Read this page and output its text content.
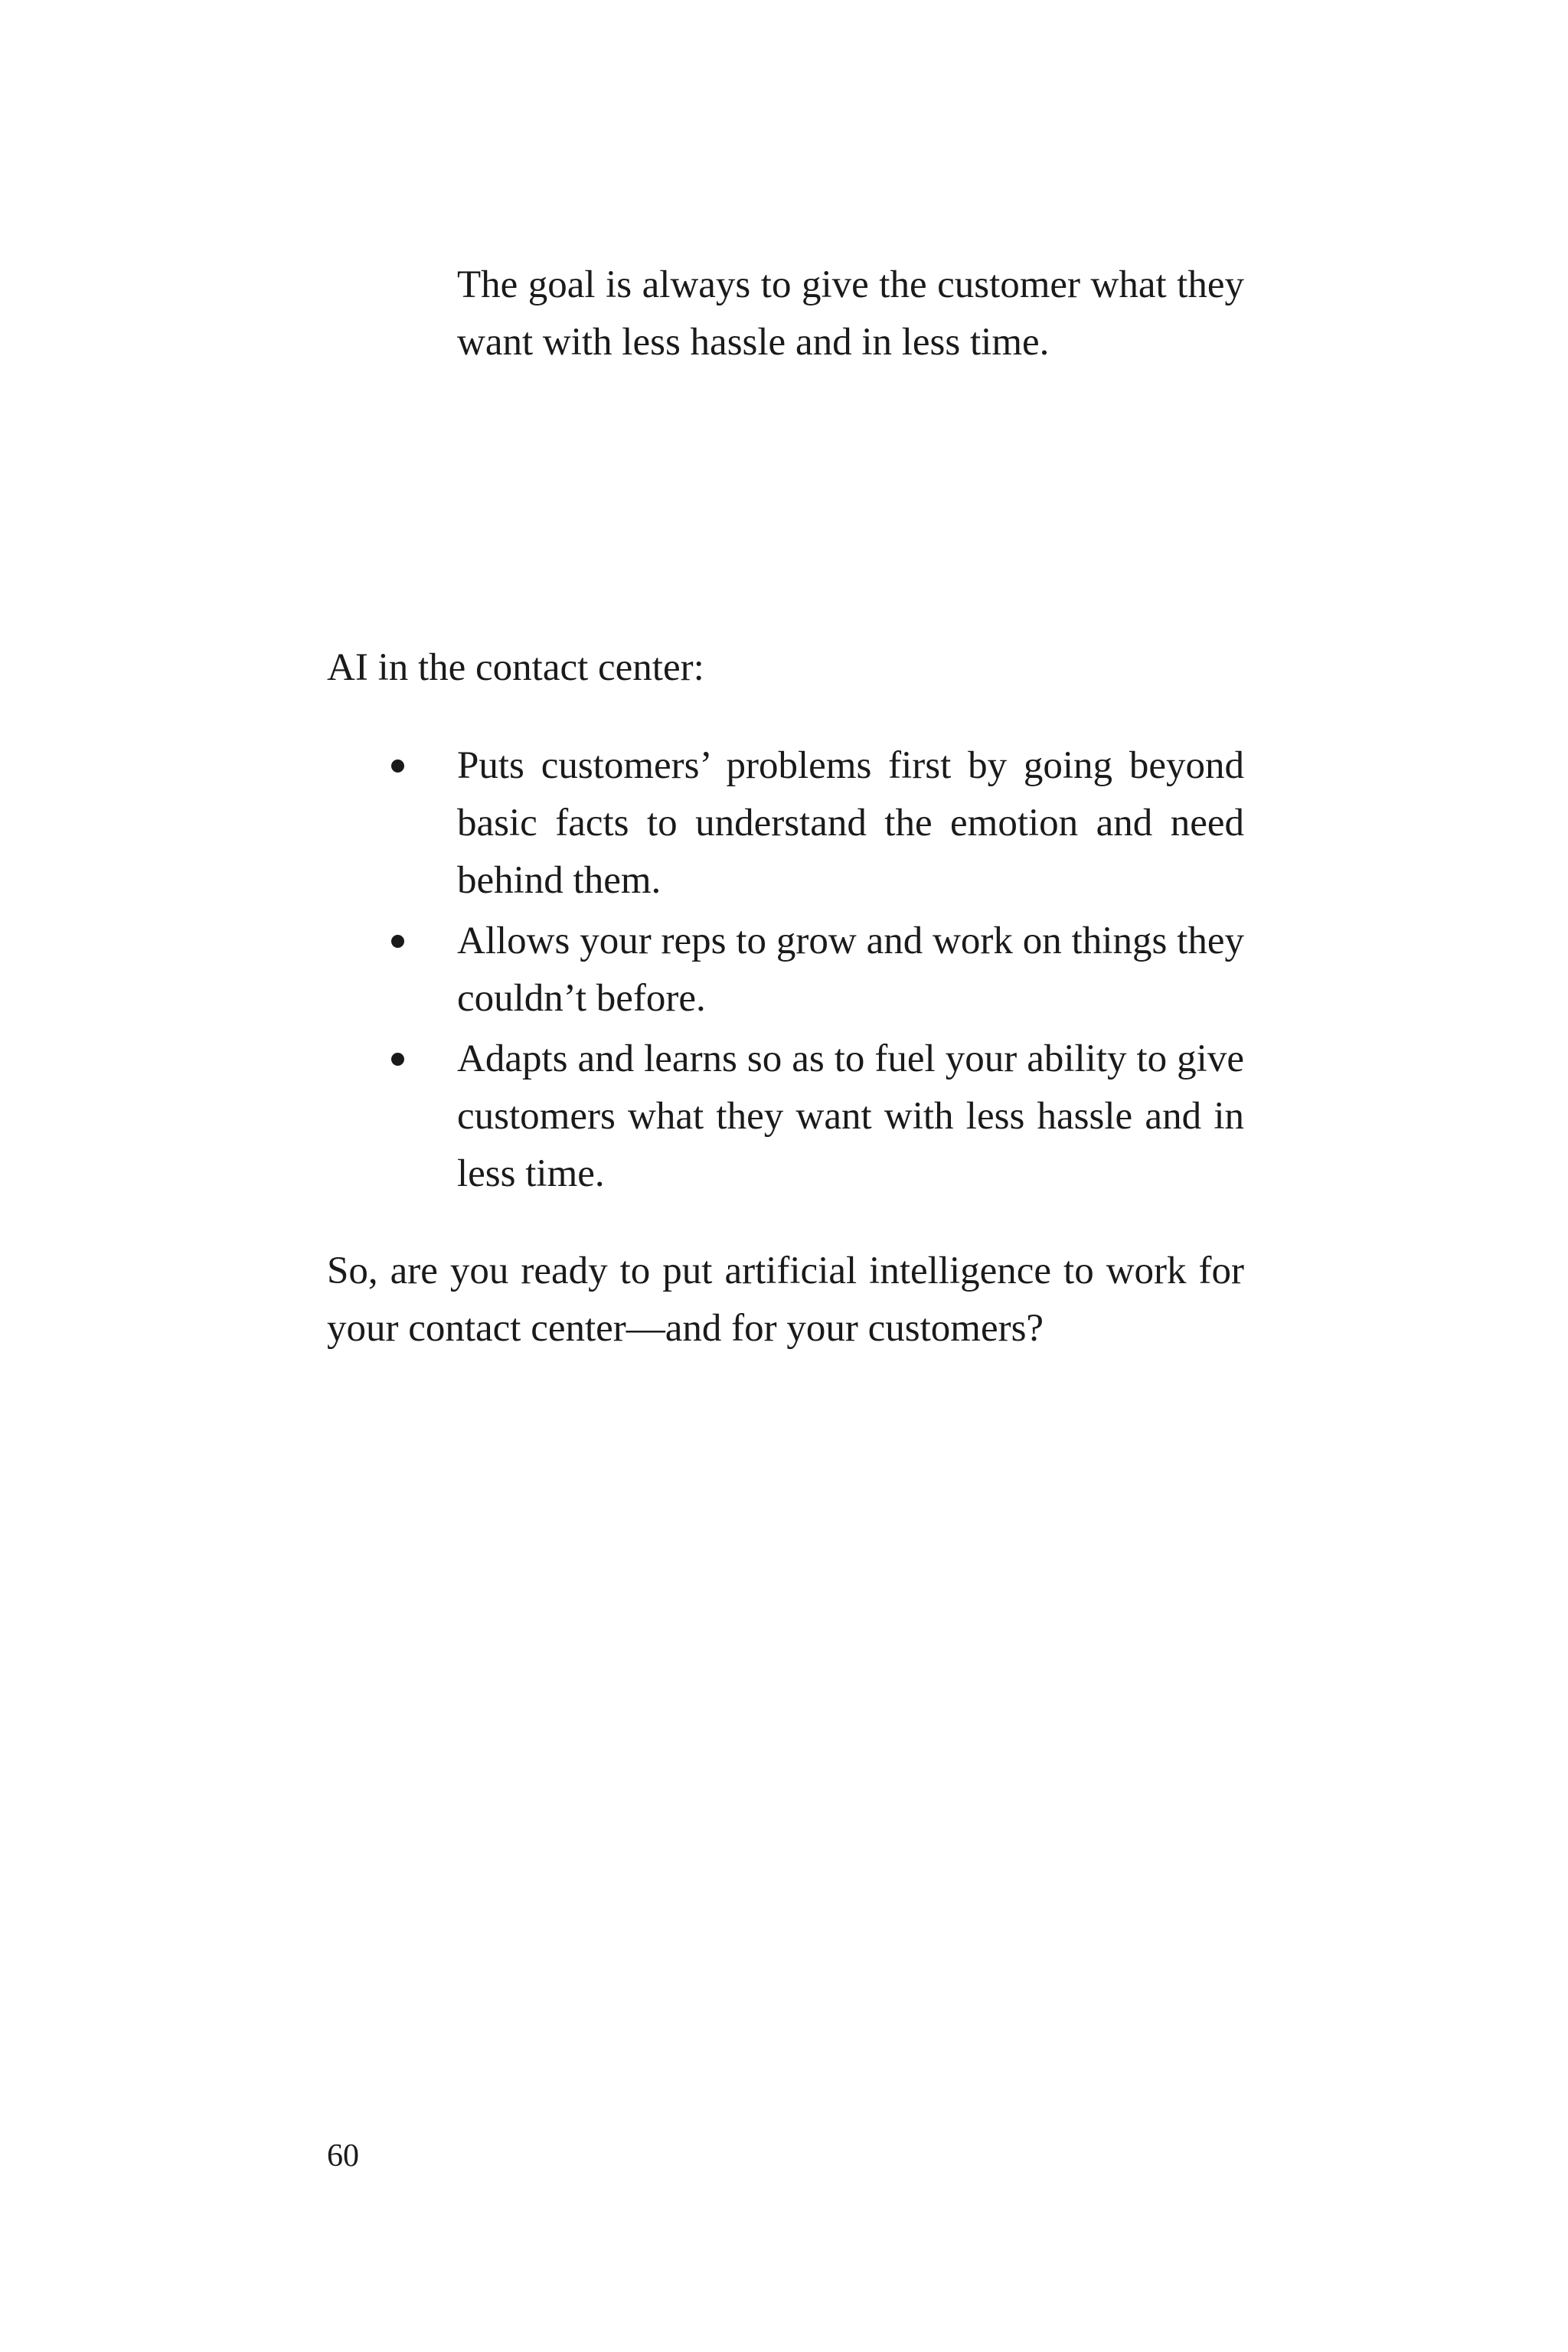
The goal is always to give the customer what they want with less hassle and in less time.

AI in the contact center:

Puts customers’ problems first by going beyond basic facts to understand the emotion and need behind them.
Allows your reps to grow and work on things they couldn’t before.
Adapts and learns so as to fuel your ability to give customers what they want with less hassle and in less time.

So, are you ready to put artificial intelligence to work for your contact center—and for your customers?

60
